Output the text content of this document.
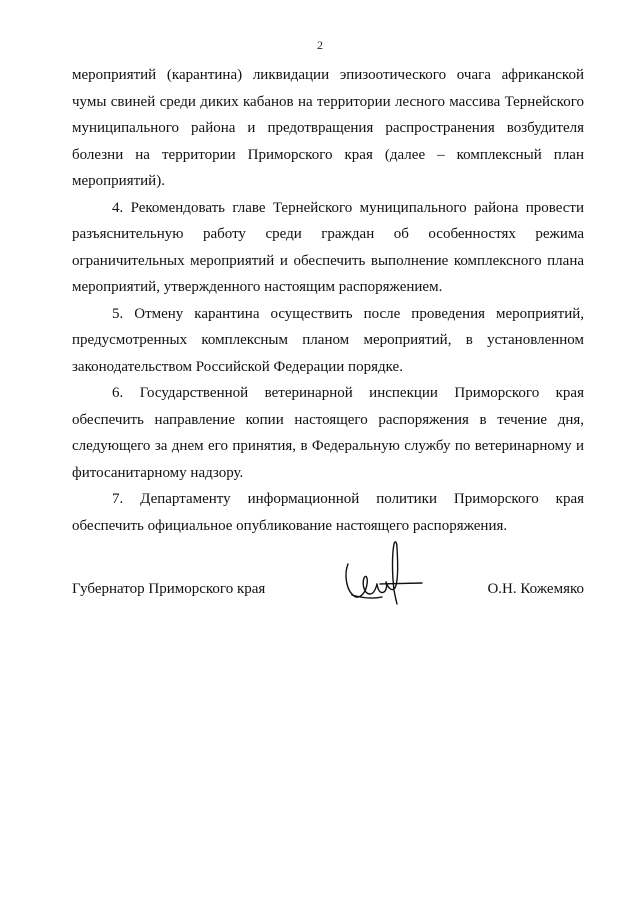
2

мероприятий (карантина) ликвидации эпизоотического очага африканской чумы свиней среди диких кабанов на территории лесного массива Тернейского муниципального района и предотвращения распространения возбудителя болезни на территории Приморского края (далее – комплексный план мероприятий).

4. Рекомендовать главе Тернейского муниципального района провести разъяснительную работу среди граждан об особенностях режима ограничительных мероприятий и обеспечить выполнение комплексного плана мероприятий, утвержденного настоящим распоряжением.

5. Отмену карантина осуществить после проведения мероприятий, предусмотренных комплексным планом мероприятий, в установленном законодательством Российской Федерации порядке.

6. Государственной ветеринарной инспекции Приморского края обеспечить направление копии настоящего распоряжения в течение дня, следующего за днем его принятия, в Федеральную службу по ветеринарному и фитосанитарному надзору.

7. Департаменту информационной политики Приморского края обеспечить официальное опубликование настоящего распоряжения.

Губернатор Приморского края	О.Н. Кожемяко
